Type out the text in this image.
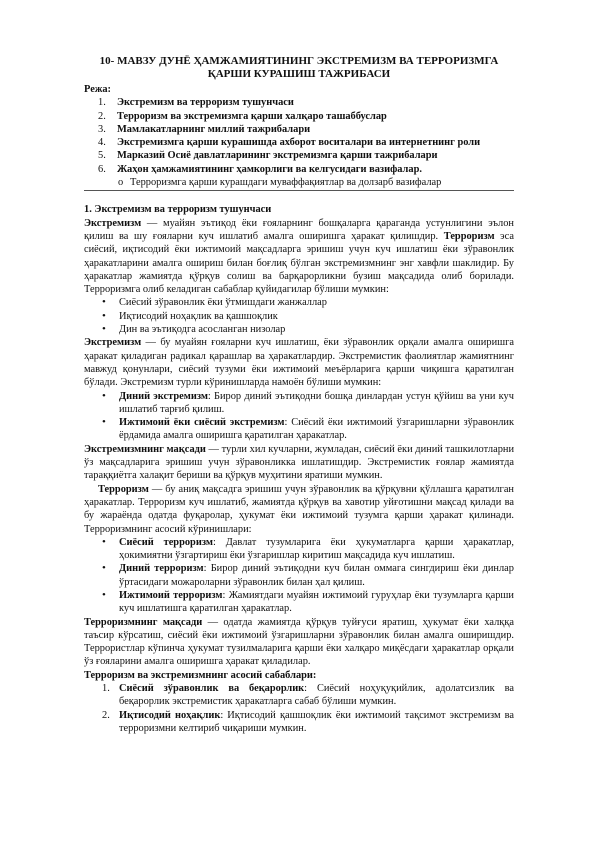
10- МАВЗУ ДУНЁ ҲАМЖАМИЯТИНИНГ ЭКСТРЕМИЗМ ВА ТЕРРОРИЗМГА
ҚАРШИ КУРАШИШ ТАЖРИБАСИ
Режа:
1. Экстремизм ва терроризм тушунчаси
2. Терроризм ва экстремизмга қарши халқаро ташаббуслар
3. Мамлакатларнинг миллий тажрибалари
4. Экстремизмга қарши курашишда ахборот воситалари ва интернетнинг роли
5. Марказий Осиё давлатларининг экстремизмга қарши тажрибалари
6. Жаҳон ҳамжамиятининг ҳамкорлиги ва келгусидаги вазифалар.
o Терроризмга қарши курашдаги муваффақиятлар ва долзарб вазифалар
1. Экстремизм ва терроризм тушунчаси

Экстремизм — муайян эътиқод ёки ғояларнинг бошқаларга қараганда устунлигини эълон қилиш ва шу ғояларни куч ишлатиб амалга оширишга ҳаракат қилишдир. Терроризм эса сиёсий, иқтисодий ёки ижтимоий мақсадларга эришиш учун куч ишлатиш ёки зўравонлик ҳаракатларини амалга ошириш билан боғлиқ бўлган экстремизмнинг энг хавфли шаклидир. Бу ҳаракатлар жамиятда қўрқув солиш ва барқарорликни бузиш мақсадида олиб борилади. Терроризмга олиб келадиган сабаблар қуйидагилар бўлиши мумкин:

• Сиёсий зўравонлик ёки ўтмишдаги жанжаллар
• Иқтисодий ноҳақлик ва қашшоқлик
• Дин ва эътиқодга асосланган низолар

Экстремизм — бу муайян ғояларни куч ишлатиш, ёки зўравонлик орқали амалга оширишга ҳаракат қиладиган радикал қарашлар ва ҳаракатлардир. Экстремистик фаолиятлар жамиятнинг мавжуд қонунлари, сиёсий тузуми ёки ижтимоий меъёрларига қарши чиқишга қаратилган бўлади. Экстремизм турли кўринишларда намоён бўлиши мумкин:

• Диний экстремизм: Бирор диний эътиқодни бошқа динлардан устун қўйиш ва уни куч ишлатиб тарғиб қилиш.
• Ижтимоий ёки сиёсий экстремизм: Сиёсий ёки ижтимоий ўзгаришларни зўравонлик ёрдамида амалга оширишга қаратилган ҳаракатлар.

Экстремизмнинг мақсади — турли хил кучларни, жумладан, сиёсий ёки диний ташкилотларни ўз мақсадларига эришиш учун зўравонликка ишлатишдир. Экстремистик ғоялар жамиятда тараққиётга халақит бериши ва қўрқув муҳитини яратиши мумкин.

Терроризм — бу аниқ мақсадга эришиш учун зўравонлик ва қўрқувни қўллашга қаратилган ҳаракатлар. Терроризм куч ишлатиб, жамиятда қўрқув ва хавотир уйғотишни мақсад қилади ва бу жараёнда одатда фуқаролар, ҳукумат ёки ижтимоий тузумга қарши ҳаракат қилинади. Терроризмнинг асосий кўринишлари:

• Сиёсий терроризм: Давлат тузумларига ёки ҳукуматларга қарши ҳаракатлар, ҳокимиятни ўзгартириш ёки ўзгаришлар киритиш мақсадида куч ишлатиш.
• Диний терроризм: Бирор диний эътиқодни куч билан оммага сингдириш ёки динлар ўртасидаги можароларни зўравонлик билан ҳал қилиш.
• Ижтимоий терроризм: Жамиятдаги муайян ижтимоий гуруҳлар ёки тузумларга қарши куч ишлатишга қаратилган ҳаракатлар.

Терроризмнинг мақсади — одатда жамиятда қўрқув туйғуси яратиш, ҳукумат ёки халққа таъсир кўрсатиш, сиёсий ёки ижтимоий ўзгаришларни зўравонлик билан амалга оширишдир. Террористлар кўпинча ҳукумат тузилмаларига қарши ёки халқаро миқёсдаги ҳаракатлар орқали ўз ғояларини амалга оширишга ҳаракат қиладилар.

Терроризм ва экстремизмнинг асосий сабаблари:
1. Сиёсий зўравонлик ва беқарорлик: Сиёсий ноҳуқуқийлик, адолатсизлик ва беқарорлик экстремистик ҳаракатларга сабаб бўлиши мумкин.
2. Иқтисодий ноҳақлик: Иқтисодий қашшоқлик ёки ижтимоий тақсимот экстремизм ва терроризмни келтириб чиқариши мумкин.
